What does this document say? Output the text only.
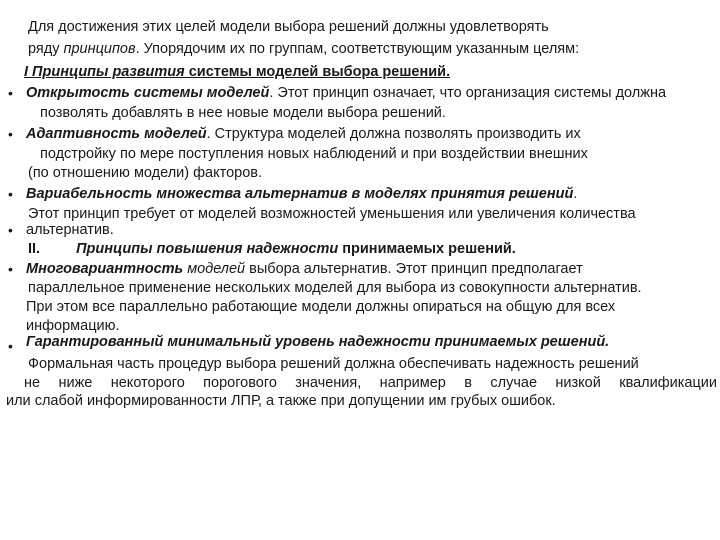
Для достижения этих целей модели выбора решений должны удовлетворять
ряду принципов. Упорядочим их по группам, соответствующим указанным целям:
I Принципы развития системы моделей выбора решений.
• Открытость системы моделей. Этот принцип означает, что организация системы должна
позволять добавлять в нее новые модели выбора решений.
• Адаптивность моделей. Структура моделей должна позволять производить их
подстройку по мере поступления новых наблюдений и при воздействии внешних
(по отношению модели) факторов.
• Вариабельность множества альтернатив в моделях принятия решений.
Этот принцип требует от моделей возможностей уменьшения или увеличения количества
• альтернатив.
II. Принципы повышения надежности принимаемых решений.
• Многовариантность моделей выбора альтернатив. Этот принцип предполагает
параллельное применение нескольких моделей для выбора из совокупности альтернатив.
При этом все параллельно работающие модели должны опираться на общую для всех
информацию.
• Гарантированный минимальный уровень надежности принимаемых решений.
Формальная часть процедур выбора решений должна обеспечивать надежность решений
не ниже некоторого порогового значения, например в случае низкой квалификации
или слабой информированности ЛПР, а также при допущении им грубых ошибок.
